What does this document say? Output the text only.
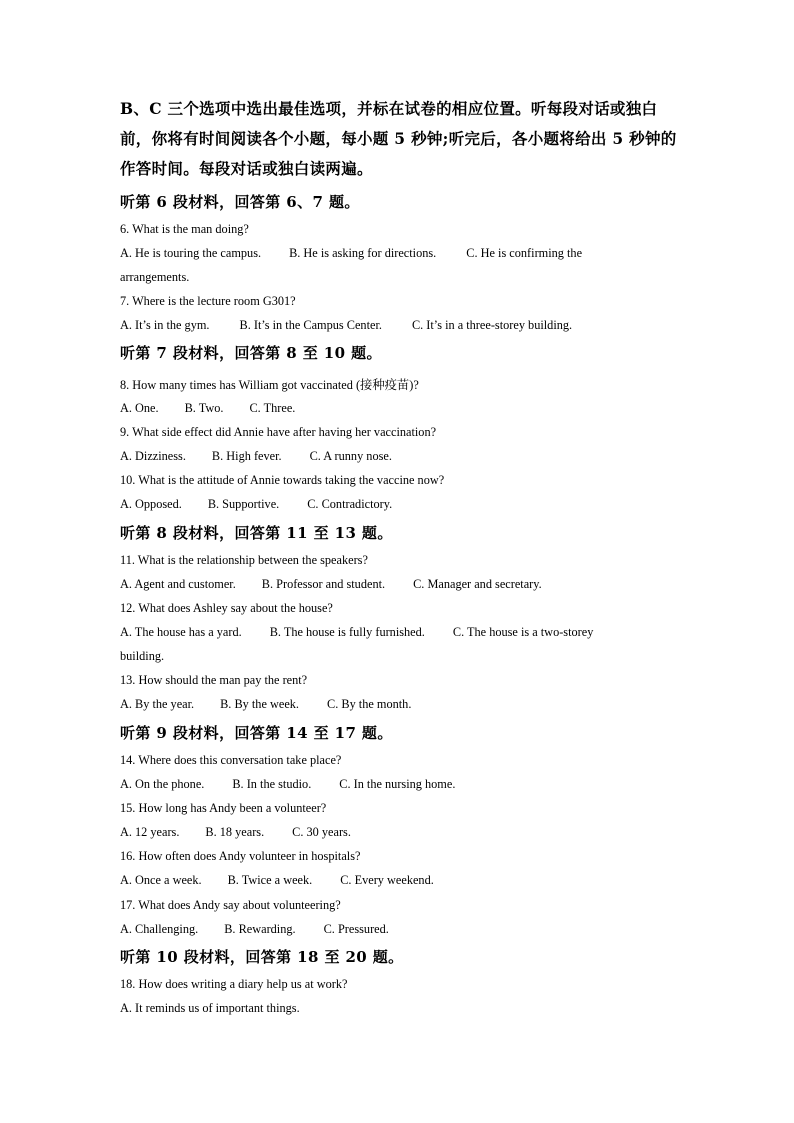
B、C 三个选项中选出最佳选项，并标在试卷的相应位置。听每段对话或独白
前，你将有时间阅读各个小题，每小题 5 秒钟;听完后，各小题将给出 5 秒钟的
作答时间。每段对话或独白读两遍。
听第 6 段材料，回答第 6、7 题。
6. What is the man doing?
A. He is touring the campus. B. He is asking for directions. C. He is confirming the
arrangements.
7. Where is the lecture room G301?
A. It’s in the gym. B. It’s in the Campus Center. C. It’s in a three-storey building.
听第 7 段材料，回答第 8 至 10 题。
8. How many times has William got vaccinated (接种疫苗)?
A. One. B. Two. C. Three.
9. What side effect did Annie have after having her vaccination?
A. Dizziness. B. High fever. C. A runny nose.
10. What is the attitude of Annie towards taking the vaccine now?
A. Opposed. B. Supportive. C. Contradictory.
听第 8 段材料，回答第 11 至 13 题。
11. What is the relationship between the speakers?
A. Agent and customer. B. Professor and student. C. Manager and secretary.
12. What does Ashley say about the house?
A. The house has a yard. B. The house is fully furnished. C. The house is a two-storey
building.
13. How should the man pay the rent?
A. By the year. B. By the week. C. By the month.
听第 9 段材料，回答第 14 至 17 题。
14. Where does this conversation take place?
A. On the phone. B. In the studio. C. In the nursing home.
15. How long has Andy been a volunteer?
A. 12 years. B. 18 years. C. 30 years.
16. How often does Andy volunteer in hospitals?
A. Once a week. B. Twice a week. C. Every weekend.
17. What does Andy say about volunteering?
A. Challenging. B. Rewarding. C. Pressured.
听第 10 段材料，回答第 18 至 20 题。
18. How does writing a diary help us at work?
A. It reminds us of important things.
